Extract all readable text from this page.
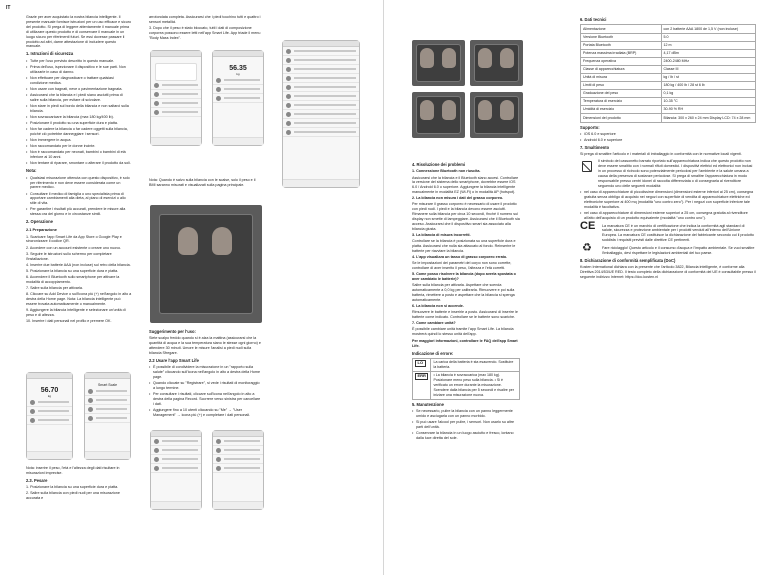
IT

Grazie per aver acquistato la nostra bilancia intelligente. Il presente manuale fornisce istruzioni per un uso efficace e sicuro del prodotto. Si prega di leggere attentamente il manuale prima di utilizzare questo prodotto e di conservare il manuale in un luogo sicuro per riferimenti futuri. Se essi dovesse passare il prodotto ad altri, darne attestazione di includere questo manuale.

1. Istruzioni di sicurezza
• Tutte per l'uso previsto descritto in questo manuale.
• Prima dell'uso, ispezionare il dispositivo e le sue parti. Non utilizzarle in caso di danno.
• Non effettuare per diagnosticare o trattare qualsiasi condizione medica.
• Non usare con bagnati, neve o pavimentazione bagnata.
• Assicurarsi che la bilancia e i piedi siano asciutti prima di salire sulla bilancia, per evitare di scivolare.
• Non stare in piedi sul bordo della bilancia e non saltarci sulla bilancia.
• Non sovraccaricare la bilancia (max 180 kg/400 lb).
• Posizionare il prodotto su una superficie dura e piatta.
• Non far cadere la bilancia o far cadere oggetti sulla bilancia, poiché ciò potrebbe danneggiare i sensori.
• Non immergere in acqua.
• Non raccomandato per le donne incinte.
• Non è raccomandato per neonati, bambini o bambini di età inferiore ai 10 anni.
• Non tentare di riparare, smontare o alterare il prodotto da soli.
Nota:
• Qualsiasi misurazione ottenuta con questo dispositivo, è solo per riferimento e non deve essere considerata come un parere medico.
• Consultare il medico di famiglia o uno specialista prima di apportare cambiamenti alla dieta, al piano di esercizi o allo stile di vita.
• Per garantire i risultati più accurati, prendere le misure alla stessa ora del giorno e in circostanze simili.
2. Operazione
2.1 Preparazione

1. Scaricare l'app Smart Life da App Store o Google Play e sincronizzare il codice QR.

2. Accedere con un account esistente o creare uno nuovo.

3. Seguire le istruzioni sullo schermo per completare l'installazione.

4. Inserire due batterie AAA (non incluse) sul retro della bilancia.

5. Posizionare la bilancia su una superficie dura e piatta.

6. Accendere il Bluetooth sullo smartphone per attivare la modalità di accoppiamento.

7. Salire sulla bilancia per attivarla.

8. Cliccare su Add Device o sull'icona più (+) nell'angolo in alto a destra della Home page. Nota: La bilancia intelligente può essere trovata automaticamente o manualmente.

9. Aggiungere la bilancia intelligente e selezionare un'unità di peso e di altezza.

10. Inserire i dati personali nel profilo e premere OK.

56.70
kg
Smart Scale

Nota: inserire il peso, l'età e l'altezza degli dati risultare in misurazioni imprecise.

2.3. Pesare

1. Posizionare la bilancia su una superficie dura e piatta.

2. Salire sulla bilancia con piedi nudi per una misurazione accurata e

arrotondata completa. Assicurarsi che i piedi tocchino tutti e quattro i sensori metallici.

3. Dopo che il peso è stato bloccato, tutti i dati di composizione corporea possono essere letti nell'app Smart Life. App triade il menu "Body Mass Index".

56.35
kg

Nota: Quando è salvo sulla bilancia con le scalse, solo il peso e il BMI saranno misurati e visualizzati sulla pagina principale.

Suggerimento per l'uso:

Siete scalpo freddo quando si è alza la mattina (assicurarsi che la quantità di acqua e la sua temperatura siano le stesse ogni giorno) e attendere 30 minuti. Umore le misure l'analisi a piedi nudi sulla bilancia Sfregare.

2.2 Usare l'app Smart Life
• È possibile di condividere la misurazione in un "rapporto sulla salute" cliccando sull'icona nell'angolo in alto a destra della Home page.
• Quando cliccate su "Registrare", si vede i risultati di monitoraggio a lungo termine.
• Per consultare i risultati, cliccare sull'icona nell'angolo in alto a destra della pagina Record. Scorrere verso sinistra per cancellare i dati.
• Aggiungere fino a 10 utenti cliccando su "Me" → "User Management" → icona più (+) e completare i dati personali.
4. Risoluzione dei problemi

1. Connessione Bluetooth non riuscita.

Assicurarsi che la bilancia e il Bluetooth siano accesi. Controllare la versione del sistema dello smartphone, dovrebbe essere iOS 6.0 / Android 6.0 o superiore. Aggiungere la bilancia intelligente manualmente in modalità EZ (Wi-Fi) o in modalità AP (hotspot).

2. La bilancia non misura i dati del grasso corporeo.

Per misurare il grasso corporeo è necessario di usare il prodotto con piedi nudi. I piedi e la bilancia devono essere asciutti. Rimanere sulla bilancia per circa 10 secondi, finché il numero sul display non smette di lampeggiare. Assicurarsi che il Bluetooth sia acceso. Assicurarsi che il dispositivo smart sia associato alla bilancia giusta.

3. La bilancia di misura incorretti.

Controllare se la bilancia è posizionata su una superficie dura e piatta. Assicurarsi che nulla sia attaccato al fondo. Reinserire le batterie per riavviare la bilancia.

4. L'app visualizza un tasso di grasso corporeo errato.

Se le impostazioni dei parametri del corpo non sono corrette, controllare di aver inserito il peso, l'altezza e l'età corretti.

5. Come posso risolvere la bilancia (dopo averla spostata o aver cambiato le batterie)?

Salire sulla bilancia per attivarla. Aspettare che scenda automaticamente a 0,0 kg per calibrarla. Rimuovere e poi sulla batteria, rimettere a posto e aspettare che la bilancia si spenga automaticamente.

6. La bilancia non si accende.

Rimuovere le batterie e inserirle a posto. Assicurarsi di inserire le batterie come indicato. Controllare se le batterie sono scariche.

7. Come cambiare unità?

È possibile cambiare unità tramite l'app Smart Life. La bilancia mostrerà quindi lo stesso unità dell'app.

Per maggiori informazioni, controllare le FAQ dell'app Smart Life.

Indicazione di errore:
LO	La carica della batteria è sta esaurendo. Sostituire la batteria.
ERR	• La bilancia è sovraccarica (max 180 kg). Posizionare meno peso sulla bilancia. • Si è verificato un errore durante la misurazione. Scendere dalla bilancia per 5 secondi e risalire per iniziare una misurazione nuova.
5. Manutenzione
• Se necessario, pulire la bilancia con un panno leggermente umido e asciugarla con un panno morbido.
• Si può usare l'alcool per pulire, i sensori. Non usarlo su altre parti dell'unità.
• Conservare la bilancia in un luogo asciutto e fresco, lontano dalla luce diretta del sole.
6. Dati tecnici
Alimentazione	con 2 batterie AAA 1800 de 1,5 V (non incluse)
Versione Bluetooth	5.0
Portata Bluetooth	12 m
Potenza massima irradiata (BRP)	4,17 dBm
Frequenza operativa	2400-2480 MHz
Classe di apparecchiatura	Classe III
Unità di misura	kg / lb / st
Limiti di peso	180 kg / 400 lb / 28 st 6 lb
Graduazione del peso	0,1 kg
Temperatura di esercizio	10-35 °C
Umidità di esercizio	30-90 % RH
Dimensioni del prodotto	Bilancia: 300 x 260 x 24 mm Display LCD: 74 x 28 mm
Supporto:
• iOS 6.0 e superiore
• Android 6.0 e superiore
7. Smaltimento

Si prega di smaltire l'articolo e i materiali di imballaggio in conformità con le normative locali vigenti.

Il simbolo del cassonetto barrato riportato sull'apparecchiatura indica che questo prodotto non deve essere smaltito con i normali rifiuti domestici. I dispositivi elettrici ed elettronici non inclusi in un processo di ricircolo sono potenzialmente pericolosi per l'ambiente e la salute umana a causa della presenza di sostanze pericolose. Si prega di smaltire l'apparecchiatura in modo responsabile presso centri idonei di raccolta differenziata o di consegnarla al rivenditore seguendo uno delle seguenti modalità:

• nel caso di apparecchiature di piccolissime dimensioni (dimensioni esterne inferiori ai 25 cm), consegna gratuita senza obbligo di acquisto nei negozi con superficie di vendita di apparecchiature elettriche ed elettroniche superiore ai 400 mq (modalità "uno contro zero"). Per i negozi con superficie inferiore tale modalità è facoltativa.
• nel caso di apparecchiature di dimensioni esterne superiori a 25 cm, consegna gratuita al rivenditore all'atto dell'acquisto di un prodotto equivalente (modalità "uno contro uno").
CE La marcatura CE è un marchio di certificazione che indica la conformità agli standard di salute, sicurezza e protezione ambientale per i prodotti venduti all'interno dell'Unione Europea. La marcatura CE costituisce la dichiarazione del fabbricante secondo cui il prodotto soddisfa i requisiti previsti dalle direttive CE pertinenti.

♻	Fare riciclaggio! Questo articolo e il consumo d'acqua e l'impatto ambientale. Se vuoi smaltire l'imballaggio, devi rispettare le legislazioni ambientali del tuo paese.

8. Dichiarazione di conformità semplificata (DoC)

Kosten International dichiara con la presente che l'articolo 3822, Bilancia intelligente, è conforme alla Direttiva 2014/53/UE RED. Il testo completo della dichiarazione di conformità del UE è consultabile presso il seguente indirizzo Internet: https://doc.kosten.nl
